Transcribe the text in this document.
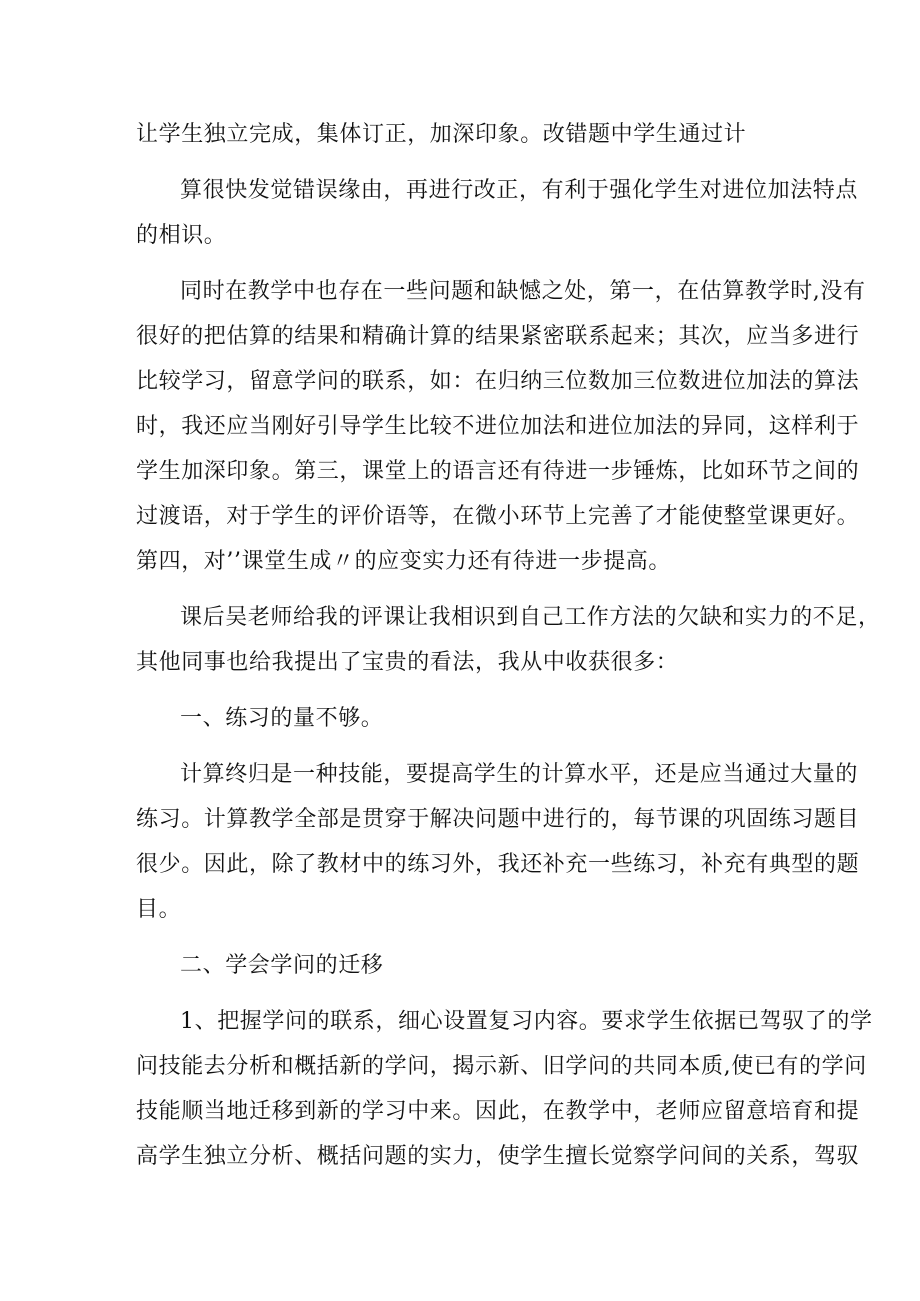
让学生独立完成，集体订正，加深印象。改错题中学生通过计
算很快发觉错误缘由，再进行改正，有利于强化学生对进位加法特点
的相识。
同时在教学中也存在一些问题和缺憾之处，第一，在估算教学时,没有
很好的把估算的结果和精确计算的结果紧密联系起来；其次，应当多进行
比较学习，留意学问的联系，如：在归纳三位数加三位数进位加法的算法
时，我还应当刚好引导学生比较不进位加法和进位加法的异同，这样利于
学生加深印象。第三，课堂上的语言还有待进一步锤炼，比如环节之间的
过渡语，对于学生的评价语等，在微小环节上完善了才能使整堂课更好。
第四，对’’课堂生成〃的应变实力还有待进一步提高。
课后吴老师给我的评课让我相识到自己工作方法的欠缺和实力的不足，
其他同事也给我提出了宝贵的看法，我从中收获很多：
一、练习的量不够。
计算终归是一种技能，要提高学生的计算水平，还是应当通过大量的
练习。计算教学全部是贯穿于解决问题中进行的，每节课的巩固练习题目
很少。因此，除了教材中的练习外，我还补充一些练习，补充有典型的题
目。
二、学会学问的迁移
1、把握学问的联系，细心设置复习内容。要求学生依据已驾驭了的学
问技能去分析和概括新的学问，揭示新、旧学问的共同本质,使已有的学问
技能顺当地迁移到新的学习中来。因此，在教学中，老师应留意培育和提
高学生独立分析、概括问题的实力，使学生擅长觉察学问间的关系，驾驭
